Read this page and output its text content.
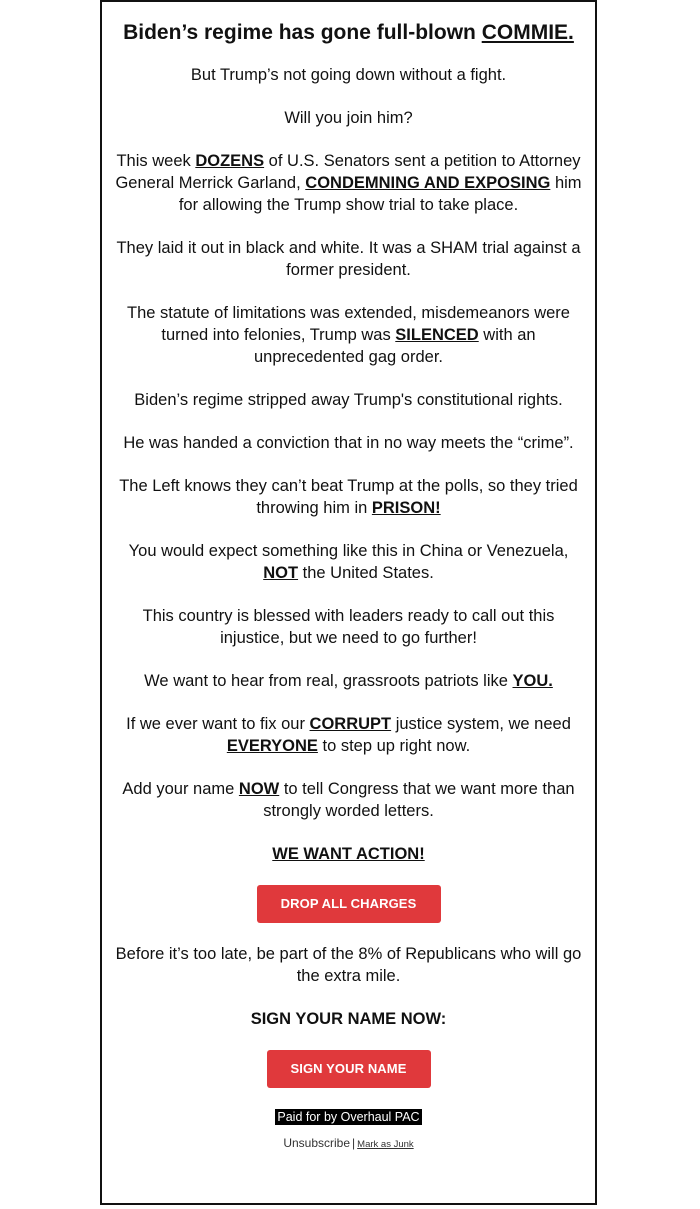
Biden’s regime has gone full-blown COMMIE.
But Trump’s not going down without a fight.
Will you join him?
This week DOZENS of U.S. Senators sent a petition to Attorney General Merrick Garland, CONDEMNING AND EXPOSING him for allowing the Trump show trial to take place.
They laid it out in black and white. It was a SHAM trial against a former president.
The statute of limitations was extended, misdemeanors were turned into felonies, Trump was SILENCED with an unprecedented gag order.
Biden’s regime stripped away Trump's constitutional rights.
He was handed a conviction that in no way meets the “crime”.
The Left knows they can’t beat Trump at the polls, so they tried throwing him in PRISON!
You would expect something like this in China or Venezuela, NOT the United States.
This country is blessed with leaders ready to call out this injustice, but we need to go further!
We want to hear from real, grassroots patriots like YOU.
If we ever want to fix our CORRUPT justice system, we need EVERYONE to step up right now.
Add your name NOW to tell Congress that we want more than strongly worded letters.
WE WANT ACTION!
DROP ALL CHARGES
Before it’s too late, be part of the 8% of Republicans who will go the extra mile.
SIGN YOUR NAME NOW:
SIGN YOUR NAME
Paid for by Overhaul PAC
Unsubscribe | Mark as Junk
